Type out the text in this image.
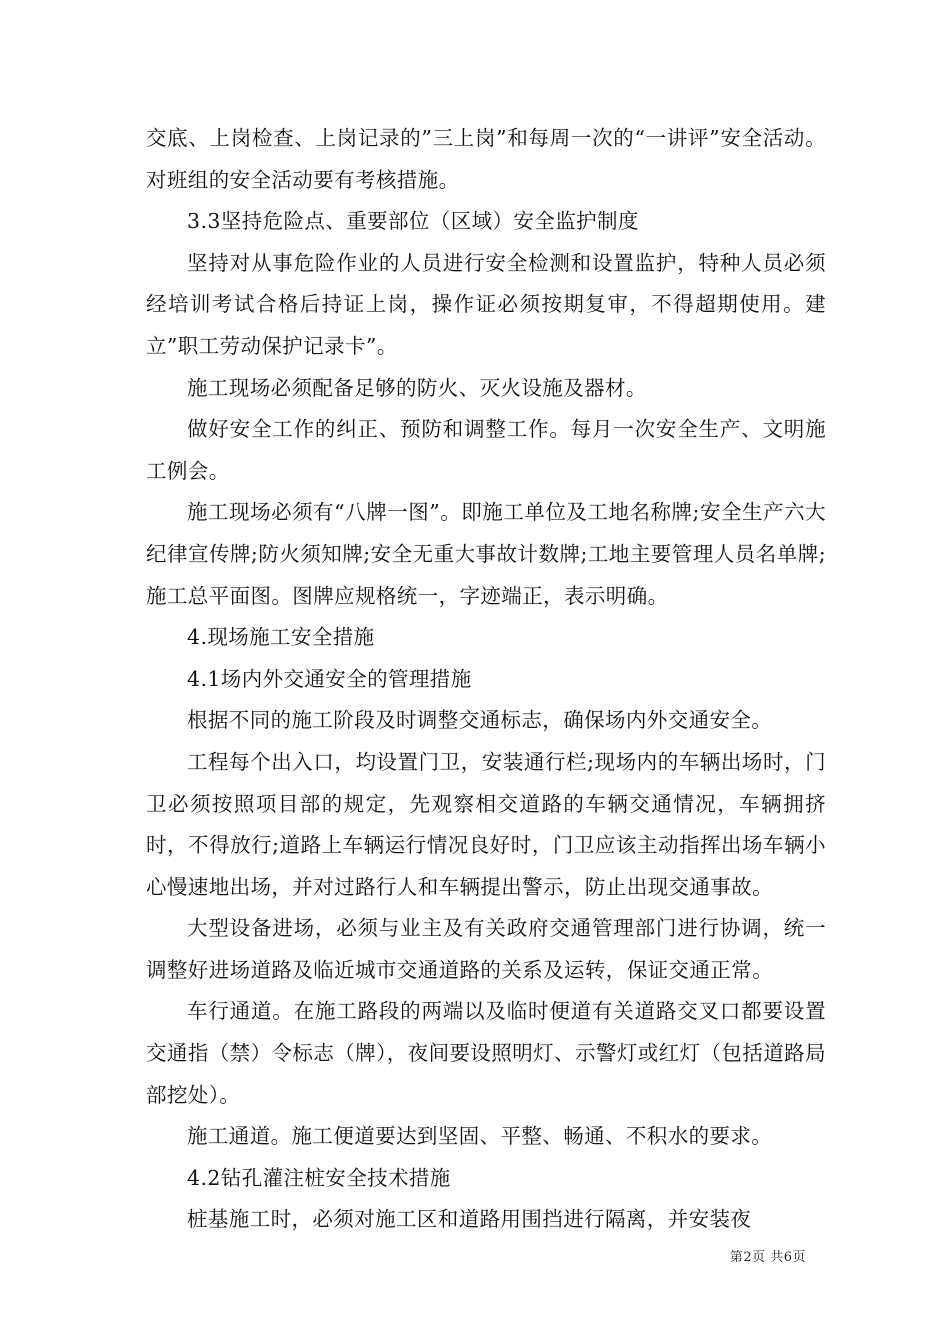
交底、上岗检查、上岗记录的”三上岗”和每周一次的“一讲评”安全活动。对班组的安全活动要有考核措施。

3.3坚持危险点、重要部位（区域）安全监护制度

坚持对从事危险作业的人员进行安全检测和设置监护，特种人员必须经培训考试合格后持证上岗，操作证必须按期复审，不得超期使用。建立”职工劳动保护记录卡”。

施工现场必须配备足够的防火、灭火设施及器材。

做好安全工作的纠正、预防和调整工作。每月一次安全生产、文明施工例会。

施工现场必须有“八牌一图”。即施工单位及工地名称牌;安全生产六大纪律宣传牌;防火须知牌;安全无重大事故计数牌;工地主要管理人员名单牌;施工总平面图。图牌应规格统一，字迹端正，表示明确。

4.现场施工安全措施

4.1场内外交通安全的管理措施

根据不同的施工阶段及时调整交通标志，确保场内外交通安全。

工程每个出入口，均设置门卫，安装通行栏;现场内的车辆出场时，门卫必须按照项目部的规定，先观察相交道路的车辆交通情况，车辆拥挤时，不得放行;道路上车辆运行情况良好时，门卫应该主动指挥出场车辆小心慢速地出场，并对过路行人和车辆提出警示，防止出现交通事故。

大型设备进场，必须与业主及有关政府交通管理部门进行协调，统一调整好进场道路及临近城市交通道路的关系及运转，保证交通正常。

车行通道。在施工路段的两端以及临时便道有关道路交叉口都要设置交通指（禁）令标志（牌），夜间要设照明灯、示警灯或红灯（包括道路局部挖处）。

施工通道。施工便道要达到坚固、平整、畅通、不积水的要求。

4.2钻孔灌注桩安全技术措施

桩基施工时，必须对施工区和道路用围挡进行隔离，并安装夜

第2页 共6页
